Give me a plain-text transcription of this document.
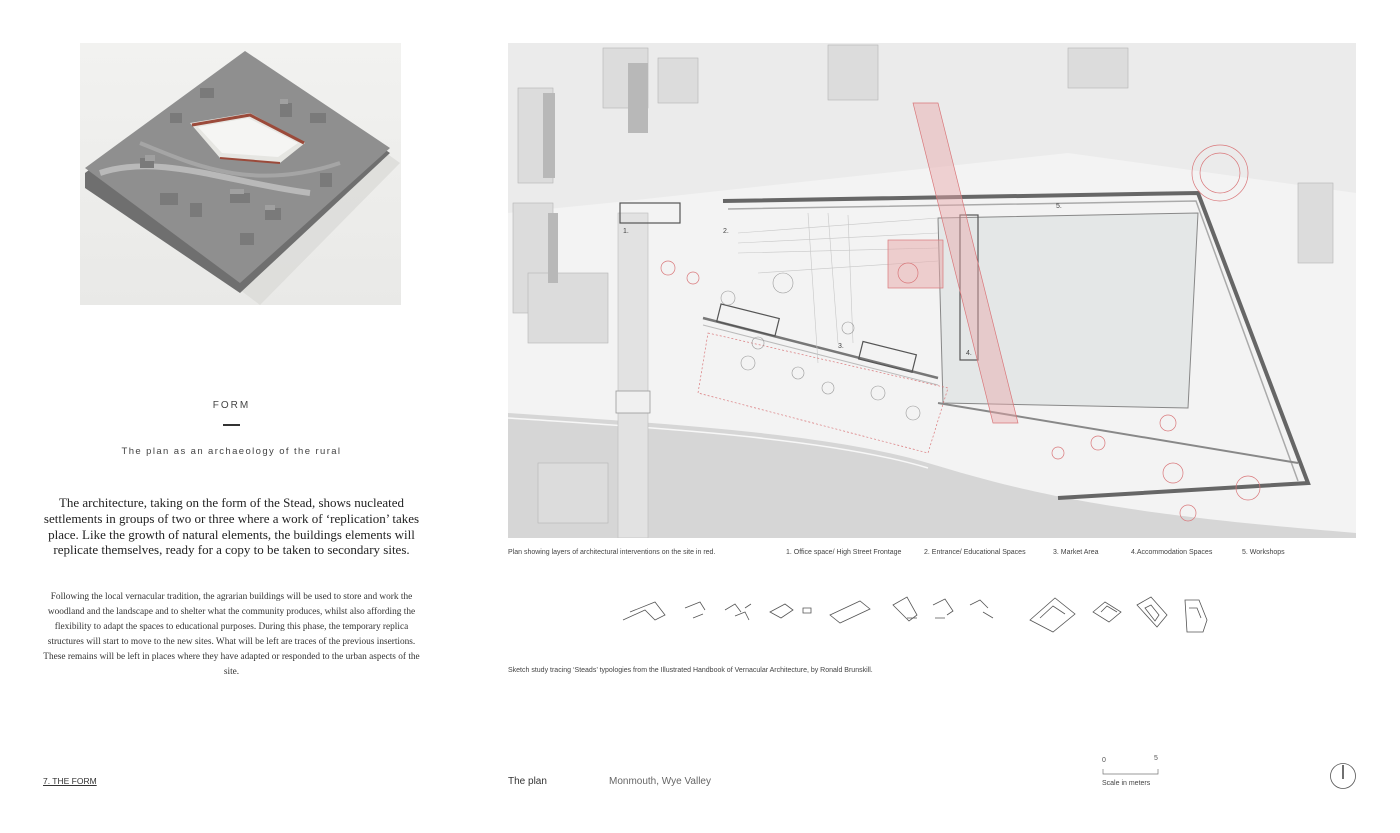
FORM
The plan as an archaeology of the rural
The architecture, taking on the form of the Stead, shows nucleated settlements in groups of two or three where a work of ‘replication’ takes place. Like the growth of natural elements, the buildings elements will replicate themselves, ready for a copy to be taken to secondary sites.
Following the local vernacular tradition, the agrarian buildings will be used to store and work the woodland and the landscape and to shelter what the community produces, whilst also affording the flexibility to adapt the spaces to educational purposes. During this phase, the temporary replica structures will start to move to the new sites. What will be left are traces of the previous insertions. These remains will be left in places where they have adapted or responded to the urban aspects of the site.
7. THE FORM
1.	2.
3.
4.
5.
Plan showing layers of architectural interventions on the site in red.	1. Office space/ High Street Frontage	2. Entrance/ Educational Spaces	3. Market Area	4.Accommodation Spaces	5. Workshops
Sketch study tracing ‘Steads’ typologies from the Illustrated Handbook of Vernacular Architecture, by Ronald Brunskill.
The plan	Monmouth, Wye Valley
0	5
Scale in meters
